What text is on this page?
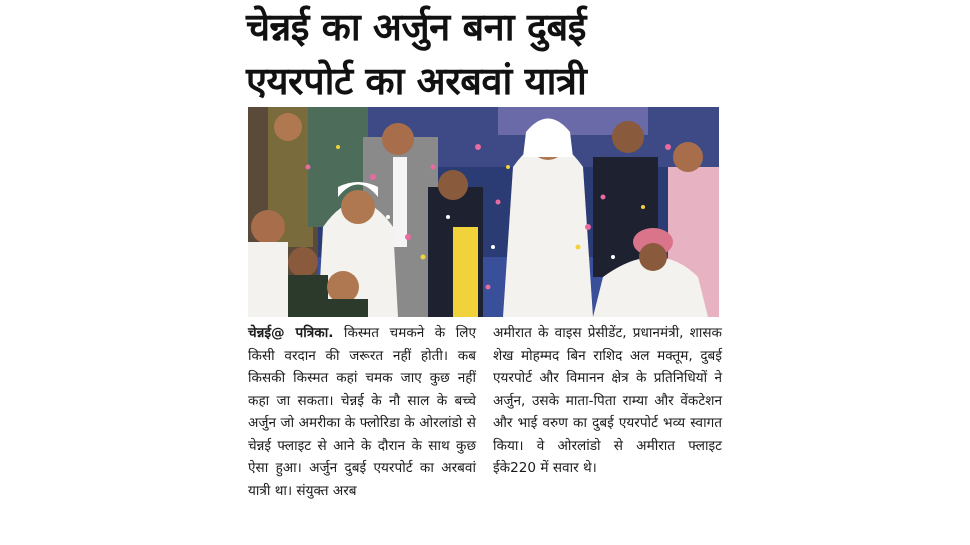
चेन्नई का अर्जुन बना दुबई
एयरपोर्ट का अरबवां यात्री
चेन्नई@ पत्रिका. किस्मत चमकने के लिए किसी वरदान की जरूरत नहीं होती। कब किसकी किस्मत कहां चमक जाए कुछ नहीं कहा जा सकता। चेन्नई के नौ साल के बच्चे अर्जुन जो अमरीका के फ्लोरिडा के ओरलांडो से चेन्नई फ्लाइट से आने के दौरान के साथ कुछ ऐसा हुआ। अर्जुन दुबई एयरपोर्ट का अरबवां यात्री था। संयुक्त अरब
अमीरात के वाइस प्रेसीडेंट, प्रधानमंत्री, शासक शेख मोहम्मद बिन राशिद अल मक्तूम, दुबई एयरपोर्ट और विमानन क्षेत्र के प्रतिनिधियों ने अर्जुन, उसके माता-पिता राम्या और वेंकटेशन और भाई वरुण का दुबई एयरपोर्ट भव्य स्वागत किया। वे ओरलांडो से अमीरात फ्लाइट ईके220 में सवार थे।
